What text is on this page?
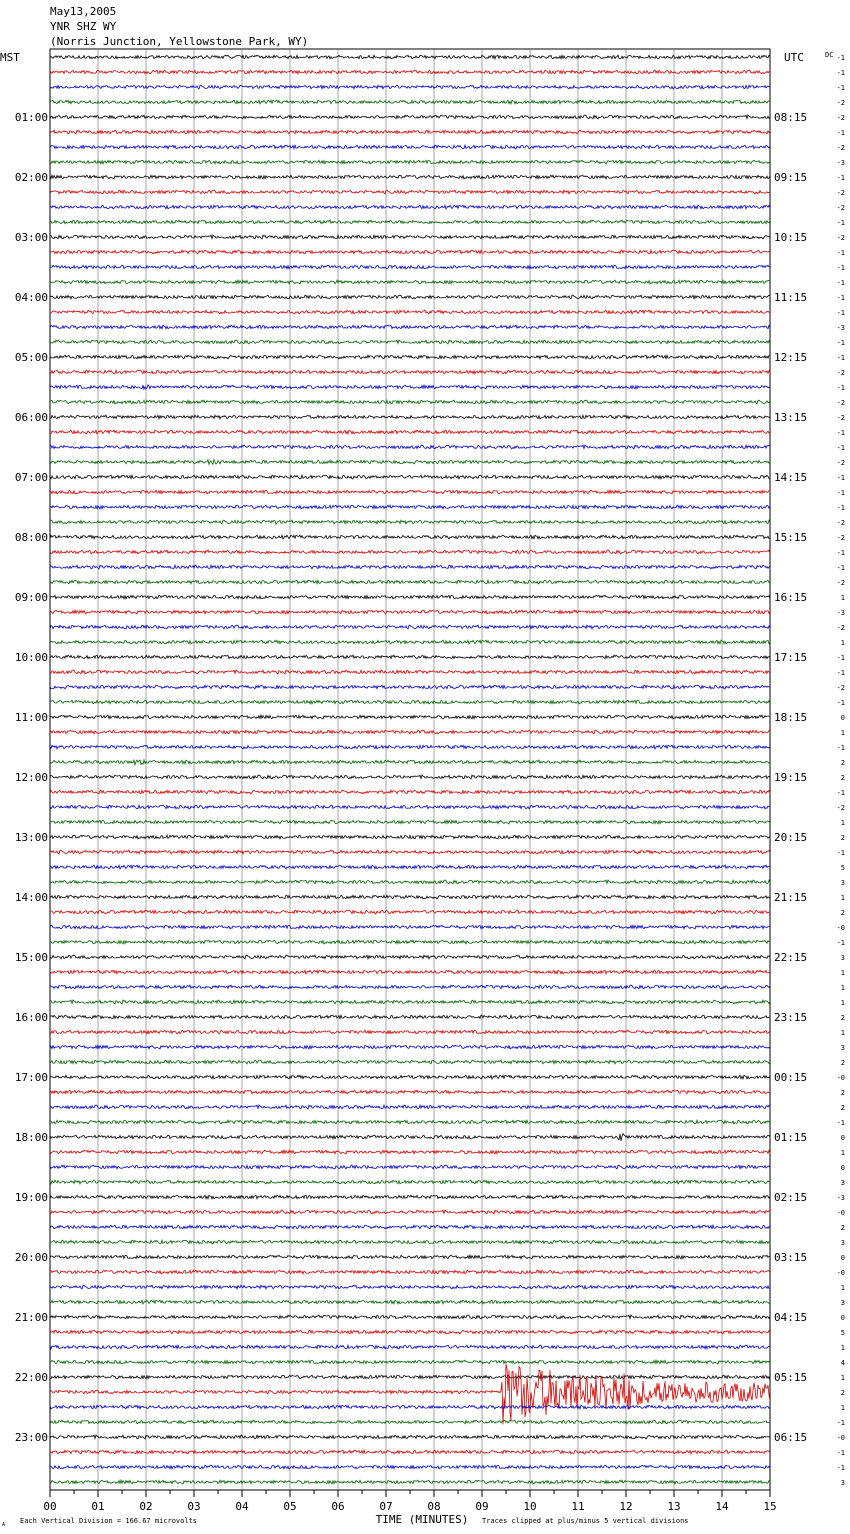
May13,2005
YNR SHZ WY
(Norris Junction, Yellowstone Park, WY)
-1
-1
-1
-2
-2
-1
-2
-3
-1
-2
-2
-1
-2
-1
-1
-1
-1
-1
-3
-1
-1
-2
-1
-2
-2
-1
-1
-2
-1
-1
-1
-2
-2
-1
-1
-2
1
-3
-2
1
-1
-1
-2
-1
0
1
-1
2
2
-1
-2
1
2
-1
5
3
1
2
-0
-1
3
1
1
1
2
1
3
2
-0
2
2
-1
0
1
0
3
-3
-0
2
3
0
-0
1
3
0
5
1
4
1
2
1
-1
-0
-1
-1
3
01:00	08:15
02:00	09:15
03:00	10:15
04:00	11:15
05:00	12:15
06:00	13:15
07:00	14:15
08:00	15:15
09:00	16:15
10:00	17:15
11:00	18:15
12:00	19:15
13:00	20:15
14:00	21:15
15:00	22:15
16:00	23:15
17:00	00:15
18:00	01:15
19:00	02:15
20:00	03:15
21:00	04:15
22:00	05:15
23:00	06:15
MST	UTC	DC
00	01	02	03	04	05	06	07	08	09	10	11	12	13	14	15
TIME (MINUTES)
Each Vertical Division = 166.67 microvolts	Traces clipped at plus/minus 5 vertical divisions
A
